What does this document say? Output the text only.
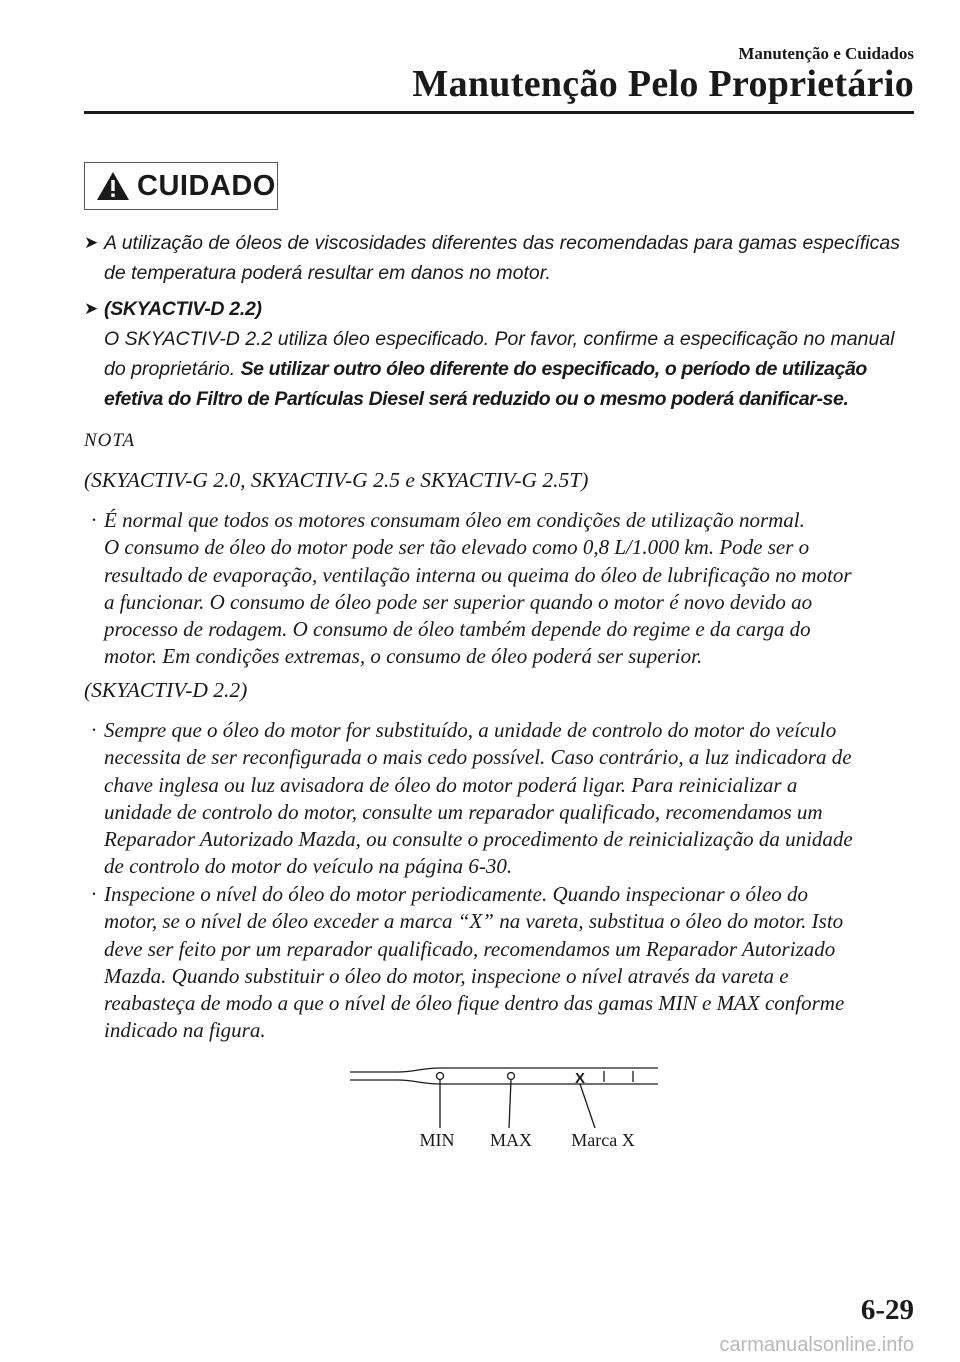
Manutenção e Cuidados
Manutenção Pelo Proprietário
CUIDADO
➤ A utilização de óleos de viscosidades diferentes das recomendadas para gamas específicas
de temperatura poderá resultar em danos no motor.
➤ (SKYACTIV-D 2.2)
O SKYACTIV-D 2.2 utiliza óleo especificado. Por favor, confirme a especificação no manual
do proprietário. Se utilizar outro óleo diferente do especificado, o período de utilização
efetiva do Filtro de Partículas Diesel será reduzido ou o mesmo poderá danificar-se.
NOTA
(SKYACTIV-G 2.0, SKYACTIV-G 2.5 e SKYACTIV-G 2.5T)
· É normal que todos os motores consumam óleo em condições de utilização normal.
O consumo de óleo do motor pode ser tão elevado como 0,8 L/1.000 km. Pode ser o
resultado de evaporação, ventilação interna ou queima do óleo de lubrificação no motor
a funcionar. O consumo de óleo pode ser superior quando o motor é novo devido ao
processo de rodagem. O consumo de óleo também depende do regime e da carga do
motor. Em condições extremas, o consumo de óleo poderá ser superior.
(SKYACTIV-D 2.2)
· Sempre que o óleo do motor for substituído, a unidade de controlo do motor do veículo
necessita de ser reconfigurada o mais cedo possível. Caso contrário, a luz indicadora de
chave inglesa ou luz avisadora de óleo do motor poderá ligar. Para reinicializar a
unidade de controlo do motor, consulte um reparador qualificado, recomendamos um
Reparador Autorizado Mazda, ou consulte o procedimento de reinicialização da unidade
de controlo do motor do veículo na página 6-30.
· Inspecione o nível do óleo do motor periodicamente. Quando inspecionar o óleo do
motor, se o nível de óleo exceder a marca “X” na vareta, substitua o óleo do motor. Isto
deve ser feito por um reparador qualificado, recomendamos um Reparador Autorizado
Mazda. Quando substituir o óleo do motor, inspecione o nível através da vareta e
reabasteça de modo a que o nível de óleo fique dentro das gamas MIN e MAX conforme
indicado na figura.
X
MIN MAX Marca X
6-29
carmanualsonline.info
